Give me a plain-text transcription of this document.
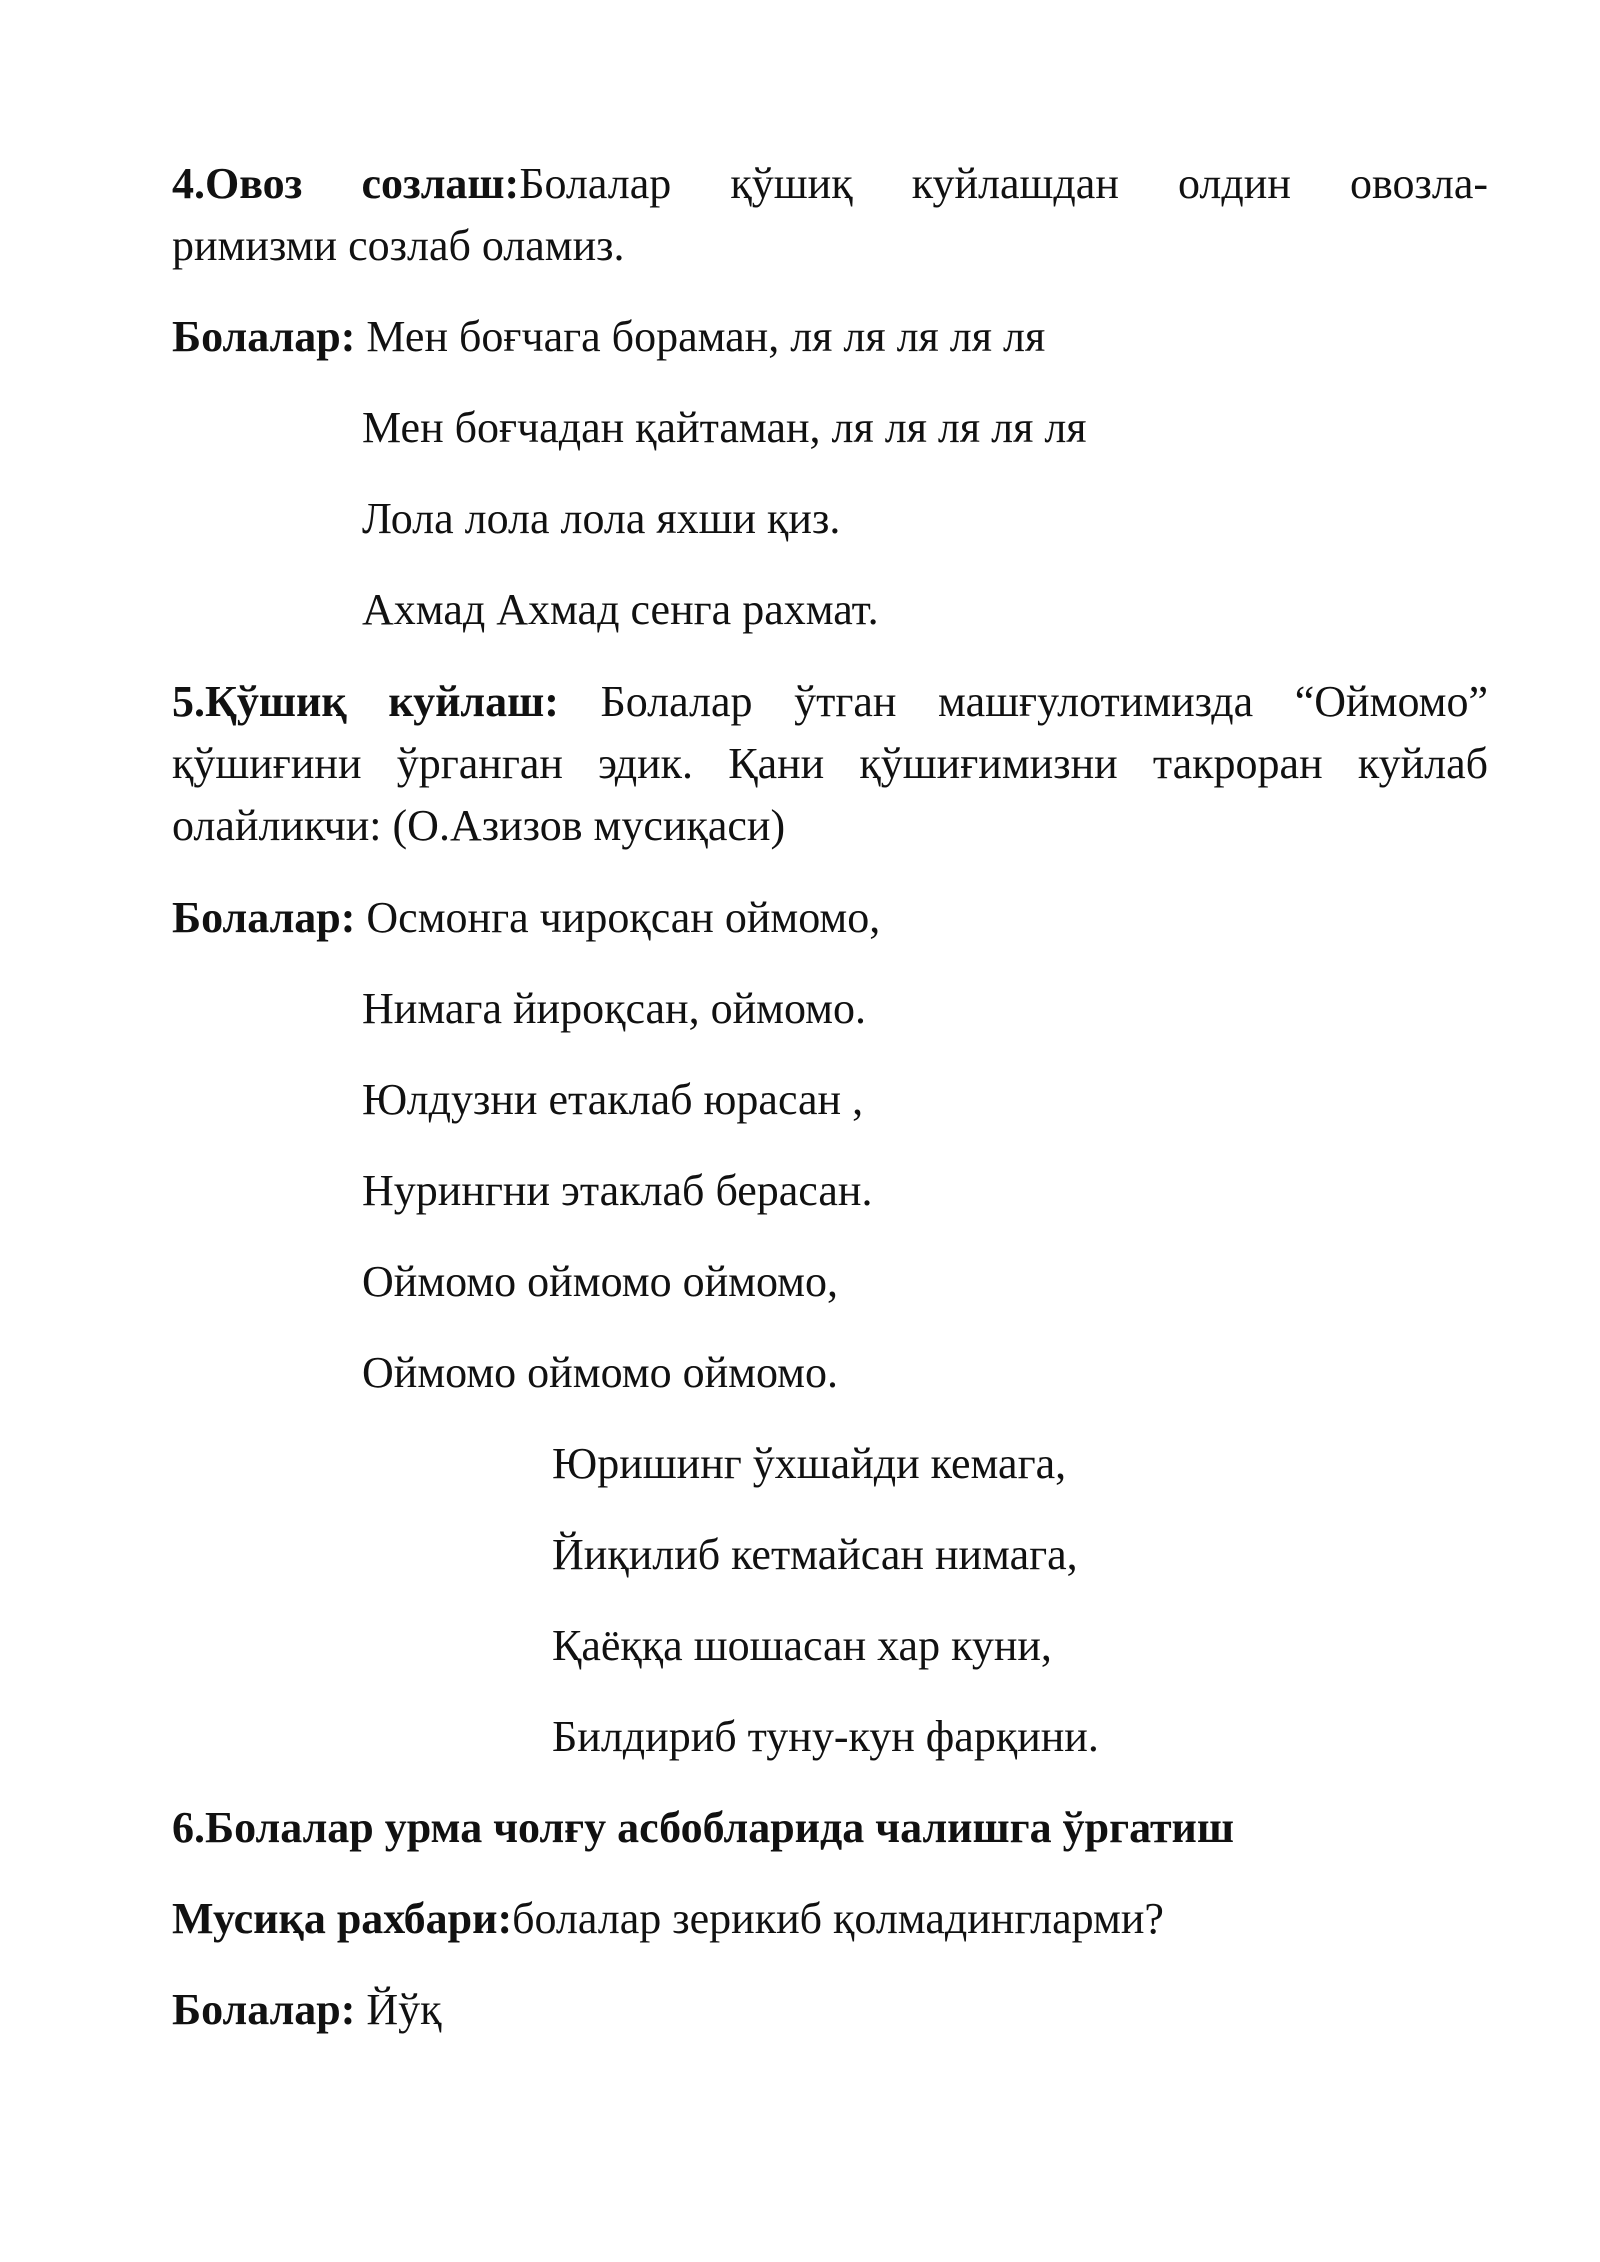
4.Овоз созлаш:Болалар қўшиқ куйлашдан олдин овозла-
римизми созлаб оламиз.
Болалар: Мен боғчага бораман, ля ля ля ля ля
Мен боғчадан қайтаман, ля ля ля ля ля
Лола лола лола яхши қиз.
Ахмад Ахмад сенга рахмат.
5.Қўшиқ куйлаш: Болалар ўтган машғулотимизда “Оймомо”
қўшиғини ўрганган эдик. Қани қўшиғимизни такроран куйлаб
олайликчи: (О.Азизов мусиқаси)
Болалар: Осмонга чироқсан оймомо,
Нимага йироқсан, оймомо.
Юлдузни етаклаб юрасан ,
Нурингни этаклаб берасан.
Оймомо оймомо оймомо,
Оймомо оймомо оймомо.
Юришинг ўхшайди кемага,
Йиқилиб кетмайсан нимага,
Қаёққа шошасан хар куни,
Билдириб туну-кун фарқини.
6.Болалар урма чолғу асбобларида чалишга ўргатиш
Мусиқа рахбари:болалар зерикиб қолмадингларми?
Болалар: Йўқ
